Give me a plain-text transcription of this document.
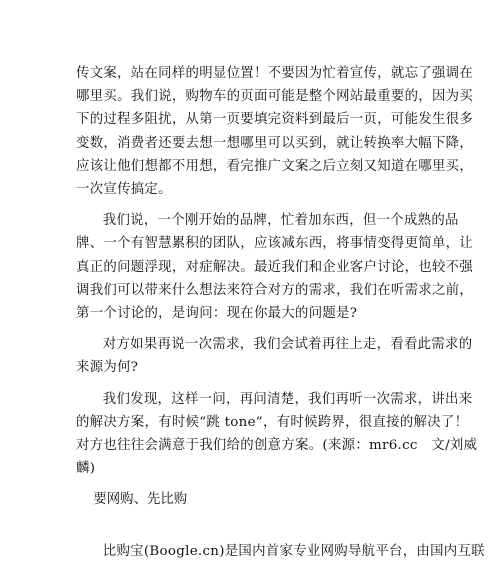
传文案，站在同样的明显位置！不要因为忙着宣传，就忘了强调在
哪里买。我们说，购物车的页面可能是整个网站最重要的，因为买
下的过程多阻扰，从第一页要填完资料到最后一页，可能发生很多
变数，消费者还要去想一想哪里可以买到，就让转换率大幅下降，
应该让他们想都不用想，看完推广文案之后立刻又知道在哪里买，
一次宣传搞定。

我们说，一个刚开始的品牌，忙着加东西，但一个成熟的品
牌、一个有智慧累积的团队，应该减东西，将事情变得更简单，让
真正的问题浮现，对症解决。最近我们和企业客户讨论，也较不强
调我们可以带来什么想法来符合对方的需求，我们在听需求之前，
第一个讨论的，是询问：现在你最大的问题是?

对方如果再说一次需求，我们会试着再往上走，看看此需求的
来源为何?

我们发现，这样一问，再问清楚，我们再听一次需求，讲出来
的解决方案，有时候“跳 tone”，有时候跨界，很直接的解决了！
对方也往往会满意于我们给的创意方案。(来源：mr6.cc　文/刘威
麟)

要网购、先比购

比购宝(Boogle.cn)是国内首家专业网购导航平台，由国内互联
